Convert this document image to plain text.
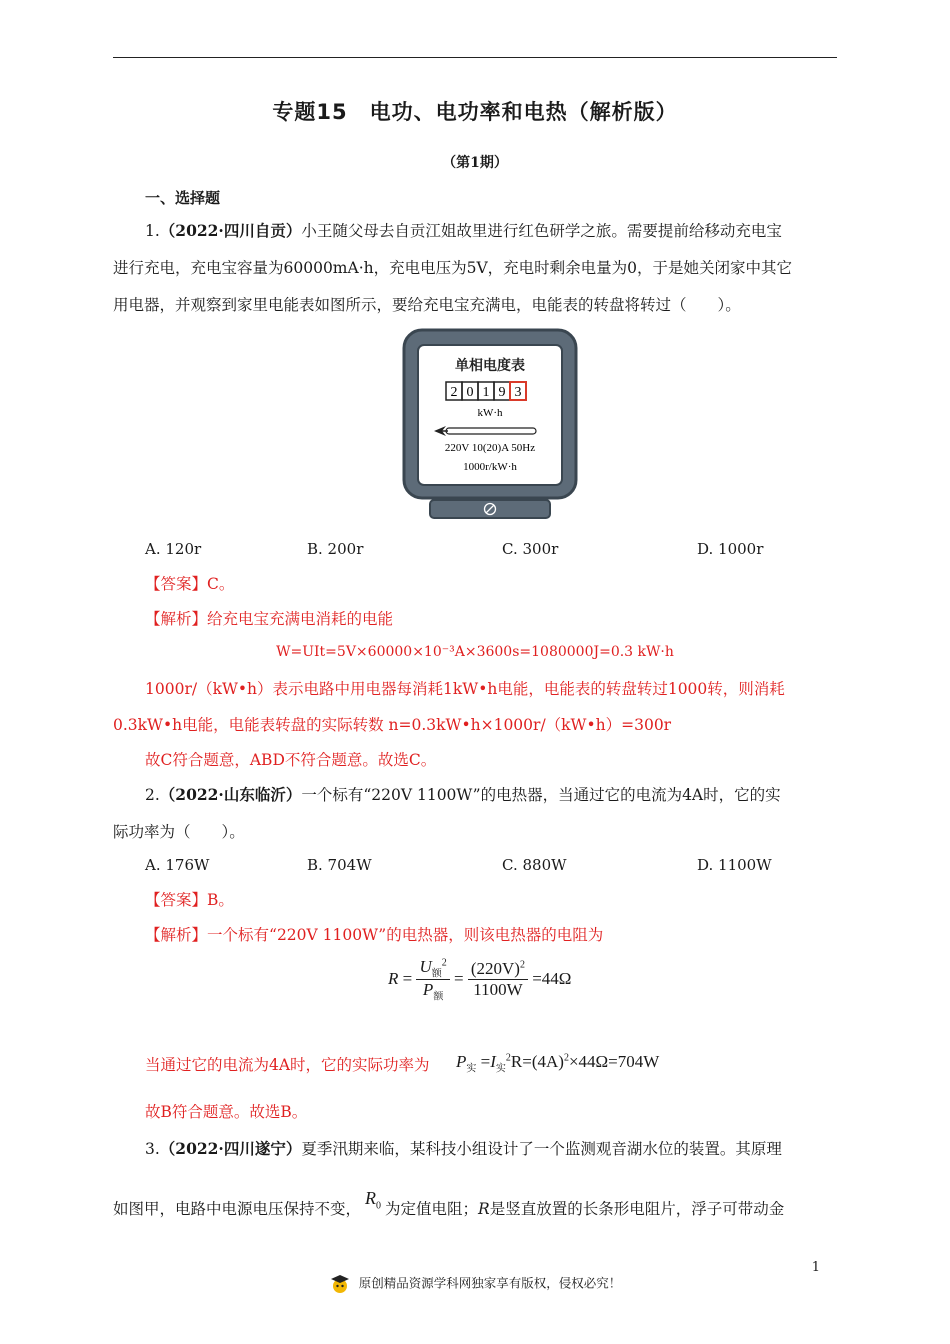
专题15　电功、电功率和电热（解析版）
（第1期）
一、选择题
1.（2022·四川自贡）小王随父母去自贡江姐故里进行红色研学之旅。需要提前给移动充电宝
进行充电，充电宝容量为60000mA·h，充电电压为5V，充电时剩余电量为0，于是她关闭家中其它
用电器，并观察到家里电能表如图所示，要给充电宝充满电，电能表的转盘将转过（　　）。
单相电度表
2 0 1 9 3
kW·h
220V 10(20)A 50Hz
1000r/kW·h
A. 120r	B. 200r	C. 300r	D. 1000r
【答案】C。
【解析】给充电宝充满电消耗的电能
W=UIt=5V×60000×10⁻³A×3600s=1080000J=0.3 kW·h
1000r/（kW•h）表示电路中用电器每消耗1kW•h电能，电能表的转盘转过1000转，则消耗
0.3kW•h电能，电能表转盘的实际转数 n=0.3kW•h×1000r/（kW•h）=300r
故C符合题意，ABD不符合题意。故选C。
2.（2022·山东临沂）一个标有“220V 1100W”的电热器，当通过它的电流为4A时，它的实
际功率为（　　）。
A. 176W	B. 704W	C. 880W	D. 1100W
【答案】B。
【解析】一个标有“220V 1100W”的电热器，则该电热器的电阻为
$R = \frac{U_额^2}{P_额} = \frac{(220V)^2}{1100W} =44\Omega$
当通过它的电流为4A时，它的实际功率为	$P_实 =I_实^2R=(4A)^2\times 44\Omega=704W$
故B符合题意。故选B。
3.（2022·四川遂宁）夏季汛期来临，某科技小组设计了一个监测观音湖水位的装置。其原理
如图甲，电路中电源电压保持不变，$R_0$ 为定值电阻；R是竖直放置的长条形电阻片，浮子可带动金
1
原创精品资源学科网独家享有版权，侵权必究！
